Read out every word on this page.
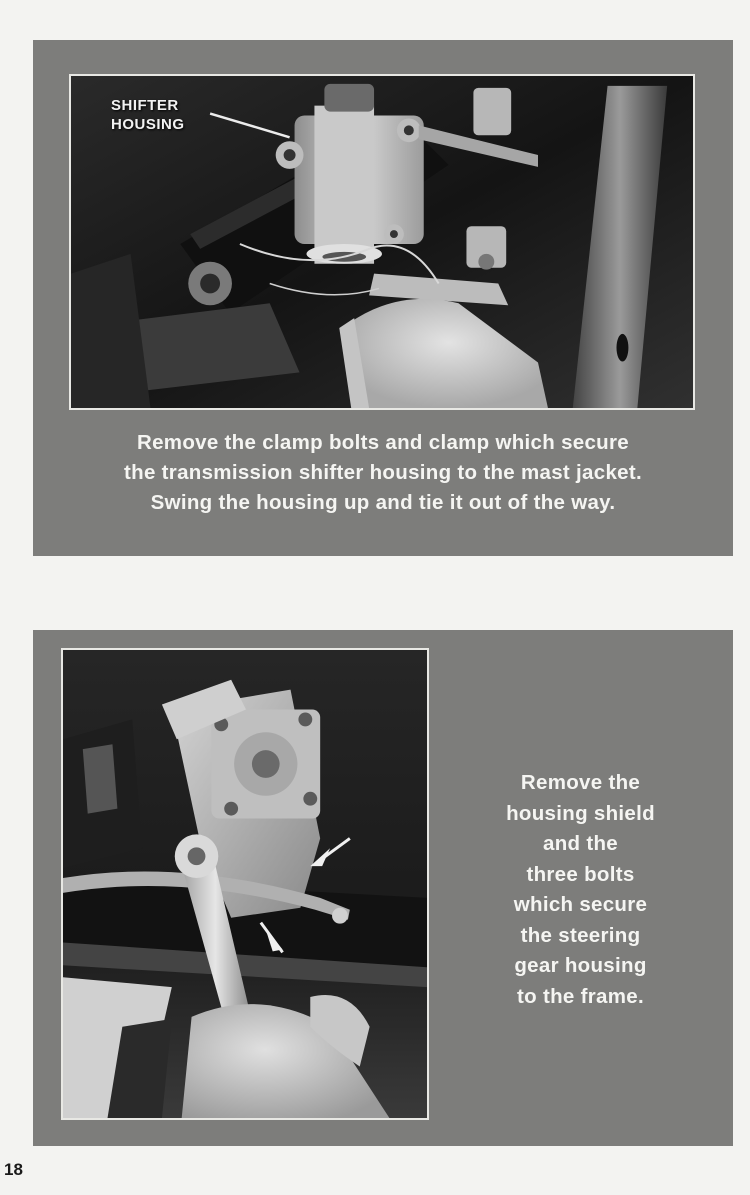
SHIFTER
HOUSING
Remove the clamp bolts and clamp which secure
the transmission shifter housing to the mast jacket.
Swing the housing up and tie it out of the way.
Remove the
housing shield
and the
three bolts
which secure
the steering
gear housing
to the frame.
18
